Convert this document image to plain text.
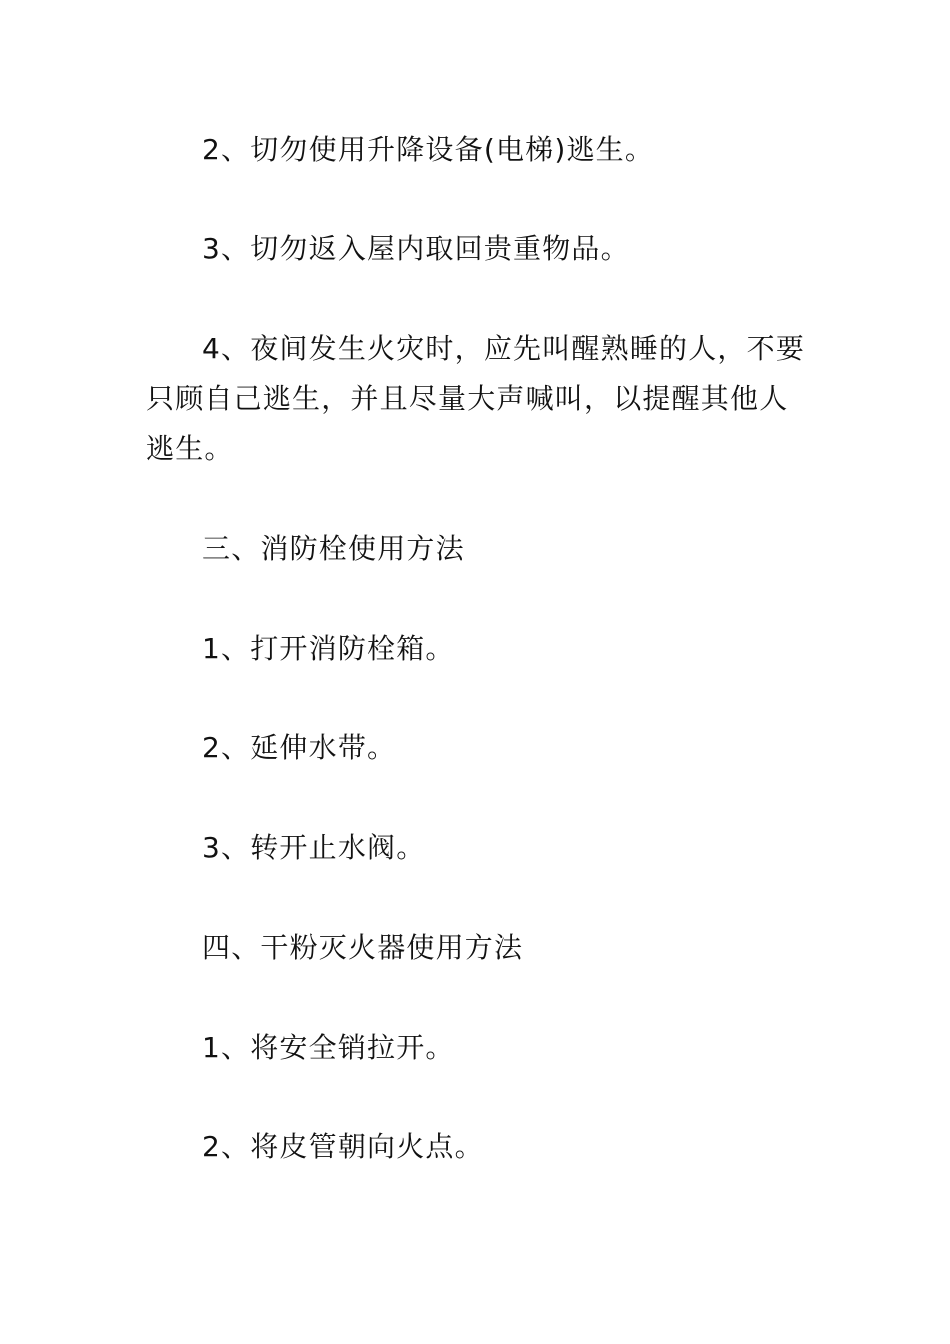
2、切勿使用升降设备(电梯)逃生。

3、切勿返入屋内取回贵重物品。

4、夜间发生火灾时，应先叫醒熟睡的人，不要只顾自己逃生，并且尽量大声喊叫，以提醒其他人逃生。

三、消防栓使用方法

1、打开消防栓箱。

2、延伸水带。

3、转开止水阀。

四、干粉灭火器使用方法

1、将安全销拉开。

2、将皮管朝向火点。
